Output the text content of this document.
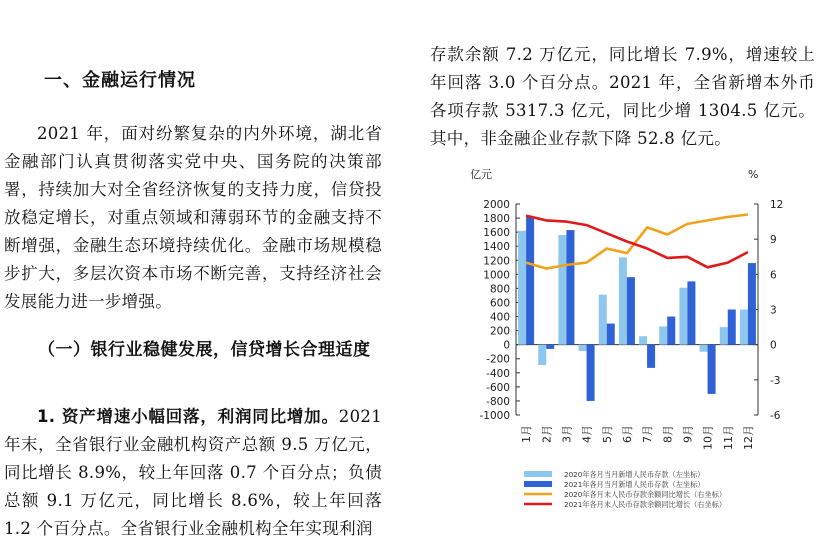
一、金融运行情况

2021 年，面对纷繁复杂的内外环境，湖北省金融部门认真贯彻落实党中央、国务院的决策部署，持续加大对全省经济恢复的支持力度，信贷投放稳定增长，对重点领域和薄弱环节的金融支持不断增强，金融生态环境持续优化。金融市场规模稳步扩大，多层次资本市场不断完善，支持经济社会发展能力进一步增强。

（一）银行业稳健发展，信贷增长合理适度

1. 资产增速小幅回落，利润同比增加。2021 年末，全省银行业金融机构资产总额 9.5 万亿元，同比增长 8.9%，较上年回落 0.7 个百分点；负债总额 9.1 万亿元，同比增长 8.6%，较上年回落 1.2 个百分点。全省银行业金融机构全年实现利润

存款余额 7.2 万亿元，同比增长 7.9%，增速较上年回落 3.0 个百分点。2021 年，全省新增本外币各项存款 5317.3 亿元，同比少增 1304.5 亿元。其中，非金融企业存款下降 52.8 亿元。

亿元	%
2000
1800
1600
1400
1200
1000
800
600
400
200
0
-200
-400
-600
-800
-1000
12
9
6
3
0
-3
-6
1月 2月 3月 4月 5月 6月 7月 8月 9月 10月 11月 12月
2020年各月当月新增人民币存款（左坐标）
2021年各月当月新增人民币存款（左坐标）
2020年各月末人民币存款余额同比增长（右坐标）
2021年各月末人民币存款余额同比增长（右坐标）
